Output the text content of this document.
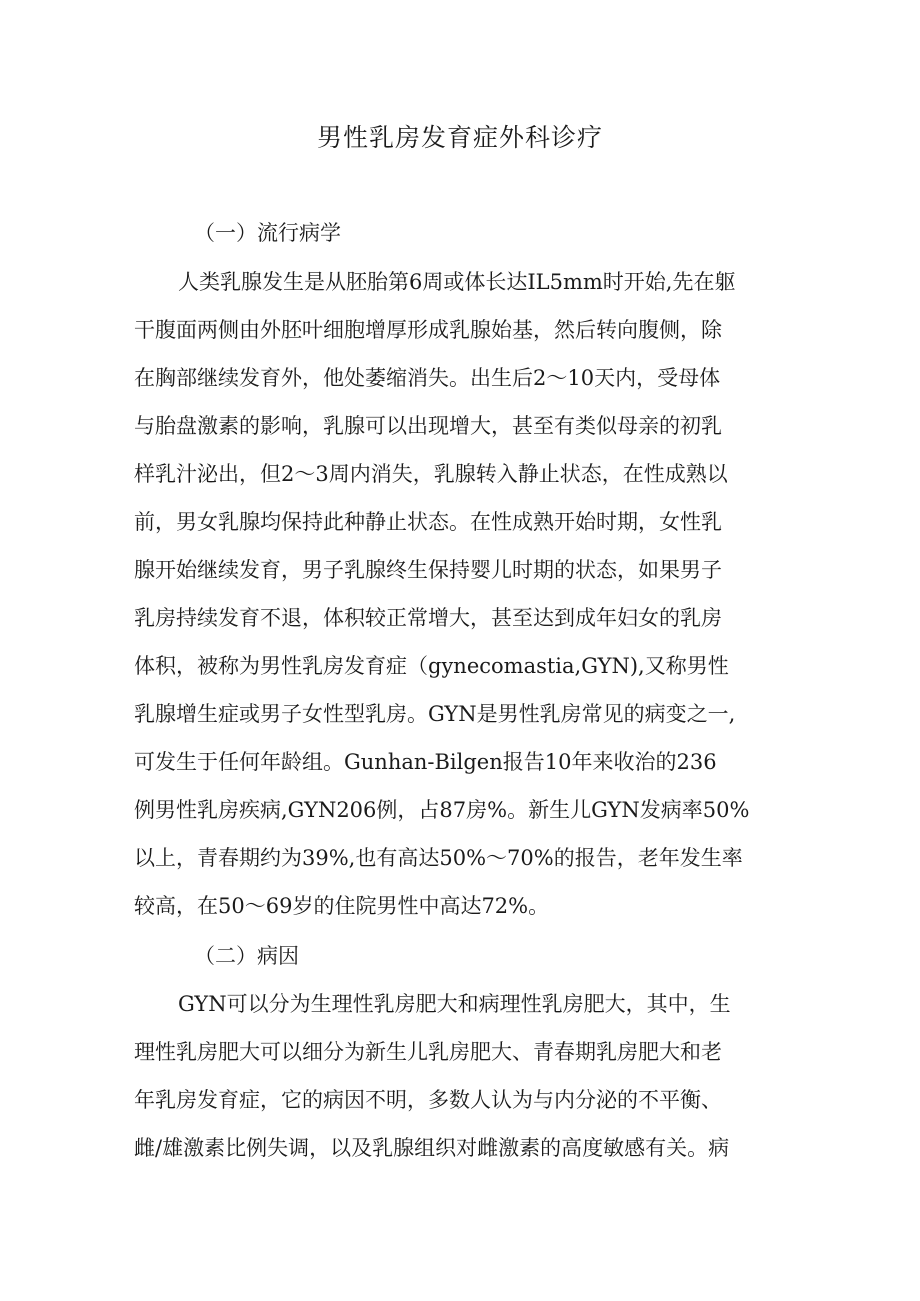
男性乳房发育症外科诊疗
（一）流行病学
人类乳腺发生是从胚胎第6周或体长达IL5mm时开始,先在躯
干腹面两侧由外胚叶细胞增厚形成乳腺始基，然后转向腹侧，除
在胸部继续发育外，他处萎缩消失。出生后2～10天内，受母体
与胎盘激素的影响，乳腺可以出现增大，甚至有类似母亲的初乳
样乳汁泌出，但2～3周内消失，乳腺转入静止状态，在性成熟以
前，男女乳腺均保持此种静止状态。在性成熟开始时期，女性乳
腺开始继续发育，男子乳腺终生保持婴儿时期的状态，如果男子
乳房持续发育不退，体积较正常增大，甚至达到成年妇女的乳房
体积，被称为男性乳房发育症（gynecomastia,GYN),又称男性
乳腺增生症或男子女性型乳房。GYN是男性乳房常见的病变之一,
可发生于任何年龄组。Gunhan-Bilgen报告10年来收治的236
例男性乳房疾病,GYN206例，占87房%。新生儿GYN发病率50%
以上，青春期约为39%,也有高达50%～70%的报告，老年发生率
较高，在50～69岁的住院男性中高达72%。
（二）病因
GYN可以分为生理性乳房肥大和病理性乳房肥大，其中，生
理性乳房肥大可以细分为新生儿乳房肥大、青春期乳房肥大和老
年乳房发育症，它的病因不明，多数人认为与内分泌的不平衡、
雌/雄激素比例失调，以及乳腺组织对雌激素的高度敏感有关。病
